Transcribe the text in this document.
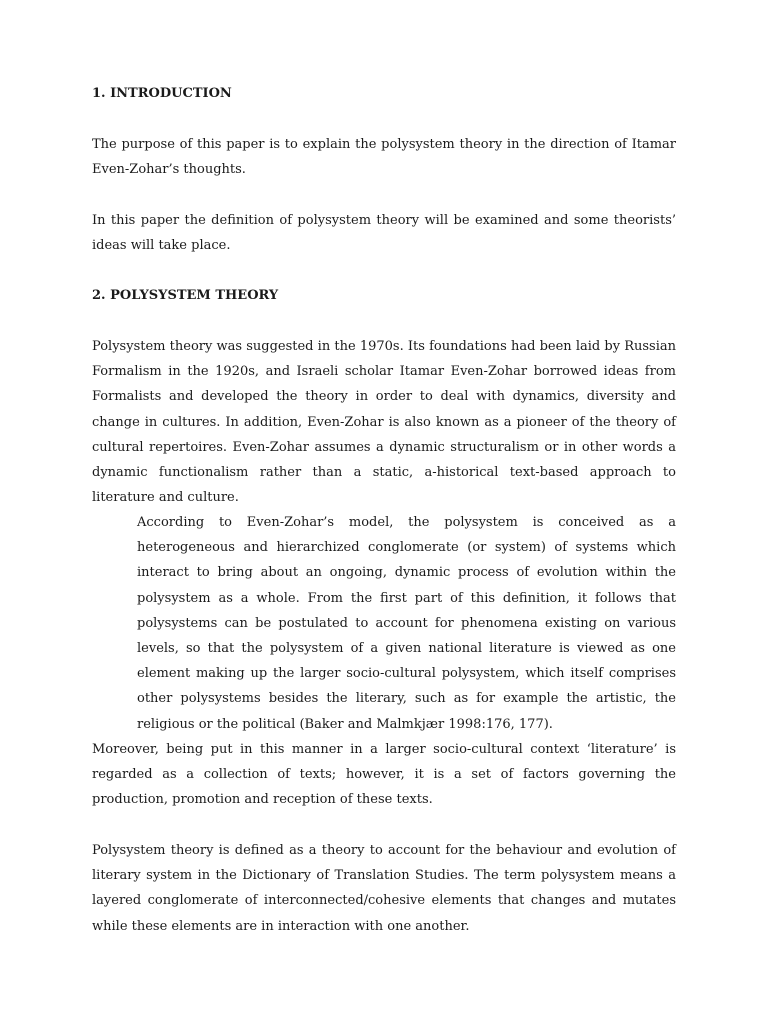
1. INTRODUCTION

The purpose of this paper is to explain the polysystem theory in the direction of Itamar Even-Zohar’s thoughts.

In this paper the definition of polysystem theory will be examined and some theorists’ ideas will take place.

2. POLYSYSTEM THEORY

Polysystem theory was suggested in the 1970s. Its foundations had been laid by Russian Formalism in the 1920s, and Israeli scholar Itamar Even-Zohar borrowed ideas from Formalists and developed the theory in order to deal with dynamics, diversity and change in cultures. In addition, Even-Zohar is also known as a pioneer of the theory of cultural repertoires. Even-Zohar assumes a dynamic structuralism or in other words a dynamic functionalism rather than a static, a-historical text-based approach to literature and culture.

According to Even-Zohar’s model, the polysystem is conceived as a heterogeneous and hierarchized conglomerate (or system) of systems which interact to bring about an ongoing, dynamic process of evolution within the polysystem as a whole. From the first part of this definition, it follows that polysystems can be postulated to account for phenomena existing on various levels, so that the polysystem of a given national literature is viewed as one element making up the larger socio-cultural polysystem, which itself comprises other polysystems besides the literary, such as for example the artistic, the religious or the political (Baker and Malmkjær 1998:176, 177).

Moreover, being put in this manner in a larger socio-cultural context ‘literature’ is regarded as a collection of texts; however, it is a set of factors governing the production, promotion and reception of these texts.

Polysystem theory is defined as a theory to account for the behaviour and evolution of literary system in the Dictionary of Translation Studies. The term polysystem means a layered conglomerate of interconnected/cohesive elements that changes and mutates while these elements are in interaction with one another.
